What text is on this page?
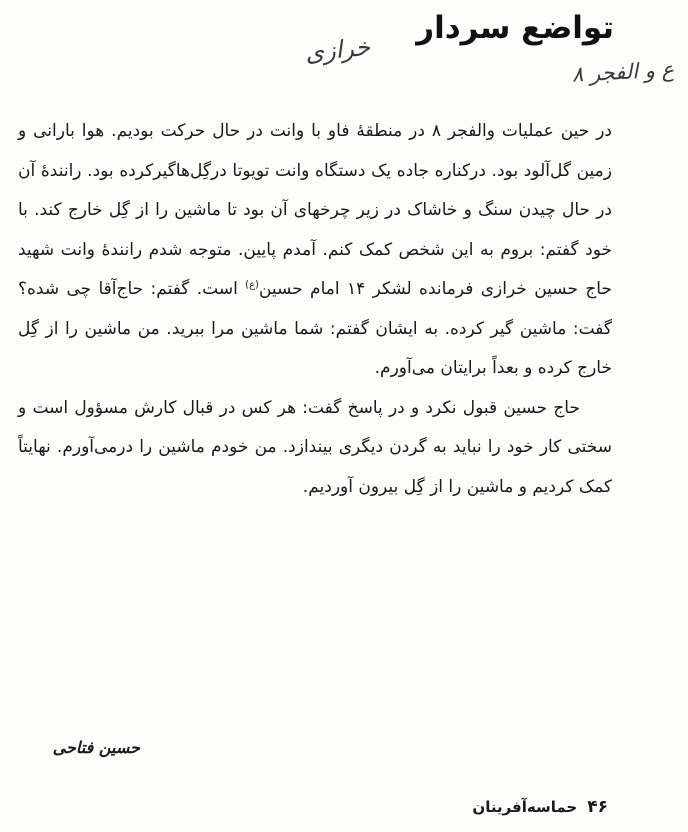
تواضع سردار
خرازی
ع و الفجر ۸

در حین عملیات والفجر ۸ در منطقهٔ فاو با وانت در حال حرکت بودیم. هوا بارانی و زمین گل‌آلود بود. درکناره جاده یک دستگاه وانت تویوتا درگِل‌هاگیرکرده بود. رانندهٔ آن در حال چیدن سنگ و خاشاک در زیر چرخهای آن بود تا ماشین را از گِل خارج کند. با خود گفتم: بروم به این شخص کمک کنم. آمدم پایین. متوجه شدم رانندهٔ وانت شهید حاج حسین خرازی فرمانده لشکر ۱۴ امام حسین$^{(ع)}$ است. گفتم: حاج‌آقا چی شده؟ گفت: ماشین گیر کرده. به ایشان گفتم: شما ماشین مرا ببرید. من ماشین را از گِل خارج کرده و بعداً برایتان می‌آورم.

حاج حسین قبول نکرد و در پاسخ گفت: هر کس در قبال کارش مسؤول است و سختی کار خود را نباید به گردن دیگری بیندازد. من خودم ماشین را درمی‌آورم. نهایتاً کمک کردیم و ماشین را از گِل بیرون آوردیم.

حسین فتاحی
۴۶
حماسه‌آفرینان
